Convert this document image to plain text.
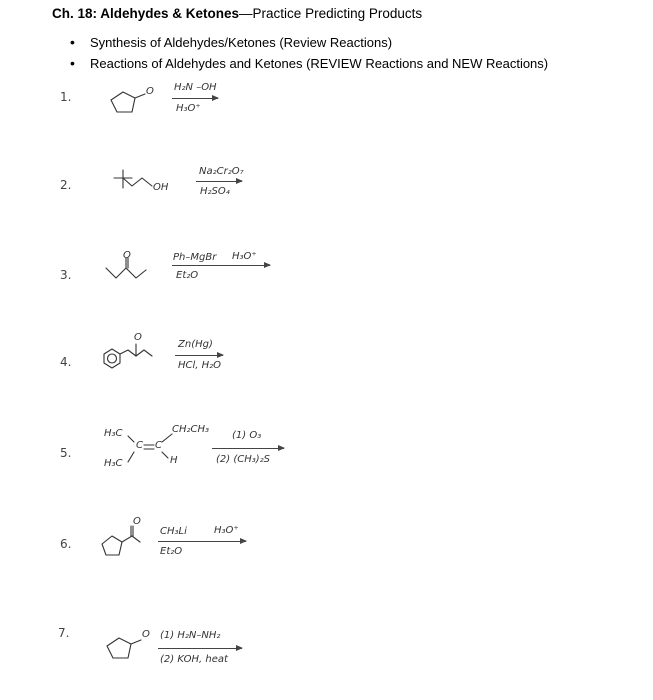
Ch. 18: Aldehydes & Ketones—Practice Predicting Products
• Synthesis of Aldehydes/Ketones (Review Reactions)
• Reactions of Aldehydes and Ketones (REVIEW Reactions and NEW Reactions)
1.	O H₂N –OH
H₃O⁺
2.	OH
Na₂Cr₂O₇
H₂SO₄
3.
O	Ph–MgBr H₃O⁺
Et₂O
4.
O
Zn(Hg)
HCl, H₂O
5.
H₃C
H₃C
C C
CH₂CH₃
H
(1) O₃
(2) (CH₃)₂S
6.
O
CH₃Li	H₃O⁺
Et₂O
7.	O (1) H₂N–NH₂
(2) KOH, heat
